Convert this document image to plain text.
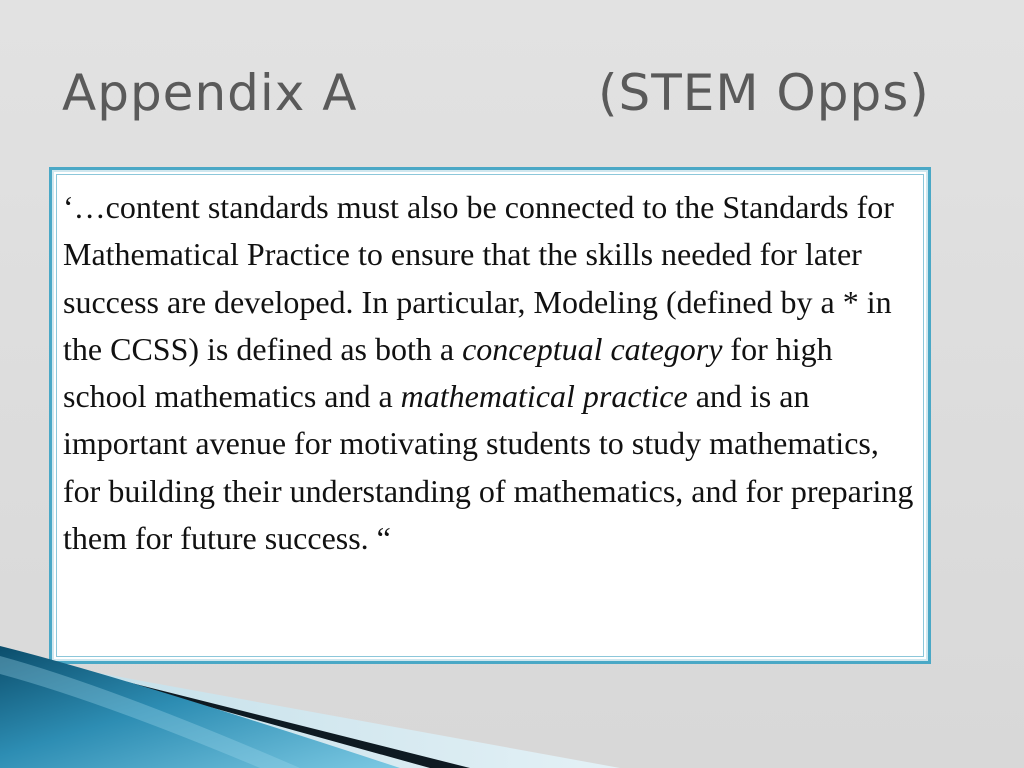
Appendix A	(STEM Opps)

‘…content standards must also be connected to the Standards for Mathematical Practice to ensure that the skills needed for later success are developed. In particular, Modeling (defined by a * in the CCSS) is defined as both a conceptual category for high school mathematics and a mathematical practice and is an important avenue for motivating students to study mathematics, for building their understanding of mathematics, and for preparing them for future success. “
